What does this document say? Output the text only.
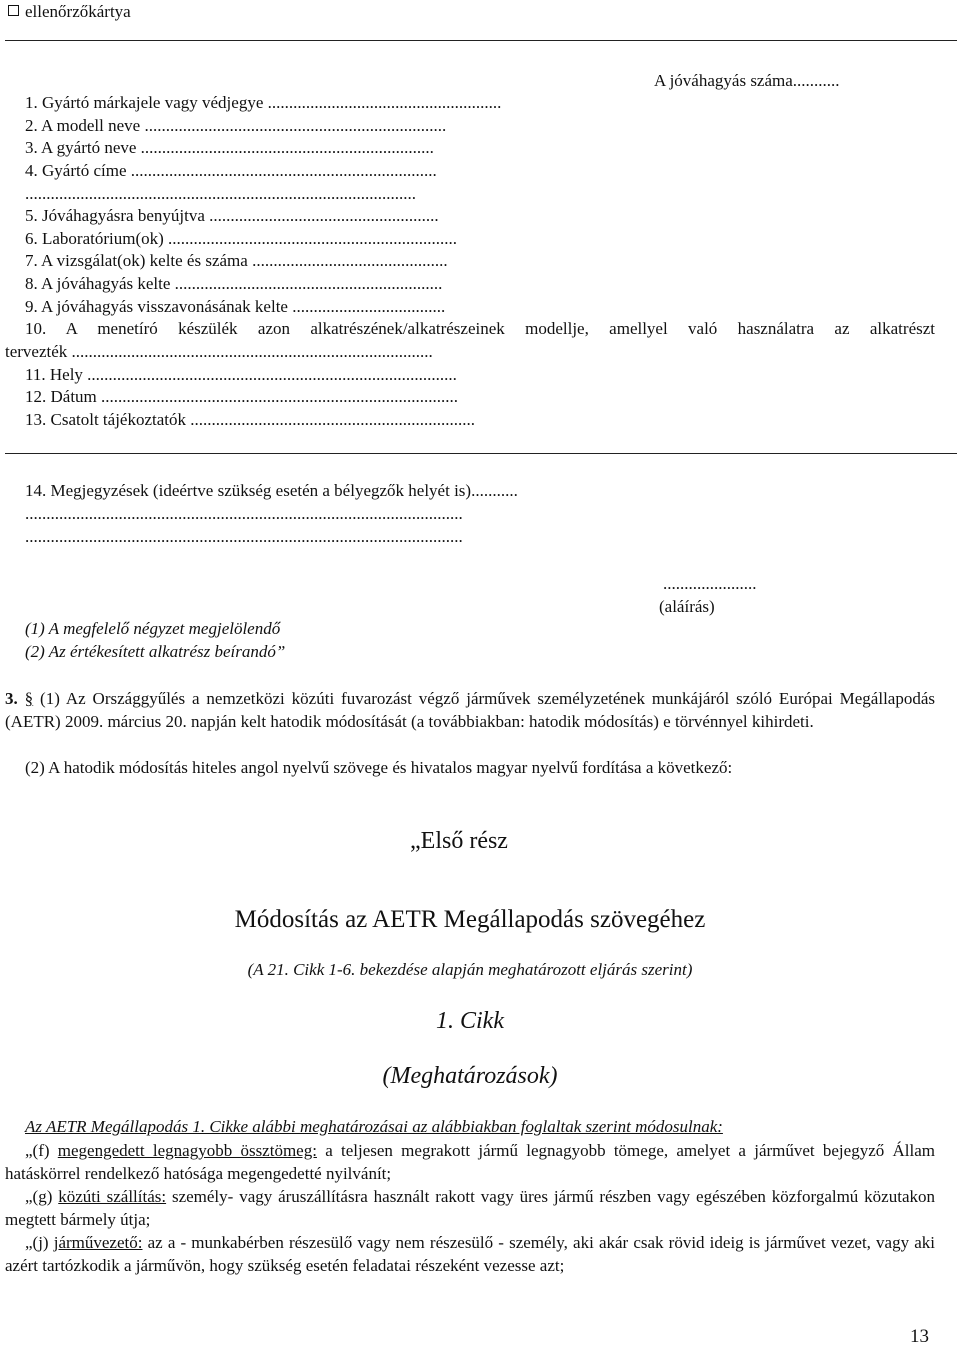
ellenőrzőkártya
A jóváhagyás száma...........
1. Gyártó márkajele vagy védjegye .......................................................
2. A modell neve .......................................................................
3. A gyártó neve .....................................................................
4. Gyártó címe ........................................................................
............................................................................................
5. Jóváhagyásra benyújtva ......................................................
6. Laboratórium(ok) ....................................................................
7. A vizsgálat(ok) kelte és száma ..............................................
8. A jóváhagyás kelte ...............................................................
9. A jóváhagyás visszavonásának kelte ....................................
10. A menetíró készülék azon alkatrészének/alkatrészeinek modellje, amellyel való használatra az alkatrészt
tervezték .....................................................................................
11. Hely .......................................................................................
12. Dátum ....................................................................................
13. Csatolt tájékoztatók ...................................................................
14. Megjegyzések (ideértve szükség esetén a bélyegzők helyét is)...........
.......................................................................................................
.......................................................................................................
......................
(aláírás)
(1) A megfelelő négyzet megjelölendő
(2) Az értékesített alkatrész beírandó”
3. § (1) Az Országgyűlés a nemzetközi közúti fuvarozást végző járművek személyzetének munkájáról szóló Európai Megállapodás (AETR) 2009. március 20. napján kelt hatodik módosítását (a továbbiakban: hatodik módosítás) e törvénnyel kihirdeti.
(2) A hatodik módosítás hiteles angol nyelvű szövege és hivatalos magyar nyelvű fordítása a következő:
„Első rész
Módosítás az AETR Megállapodás szövegéhez
(A 21. Cikk 1-6. bekezdése alapján meghatározott eljárás szerint)
1. Cikk
(Meghatározások)
Az AETR Megállapodás 1. Cikke alábbi meghatározásai az alábbiakban foglaltak szerint módosulnak:
„(f) megengedett legnagyobb össztömeg: a teljesen megrakott jármű legnagyobb tömege, amelyet a járművet bejegyző Állam hatáskörrel rendelkező hatósága megengedetté nyilvánít;
„(g) közúti szállítás: személy- vagy áruszállításra használt rakott vagy üres jármű részben vagy egészében közforgalmú közutakon megtett bármely útja;
„(j) járművezető: az a - munkabérben részesülő vagy nem részesülő - személy, aki akár csak rövid ideig is járművet vezet, vagy aki azért tartózkodik a járművön, hogy szükség esetén feladatai részeként vezesse azt;
13
